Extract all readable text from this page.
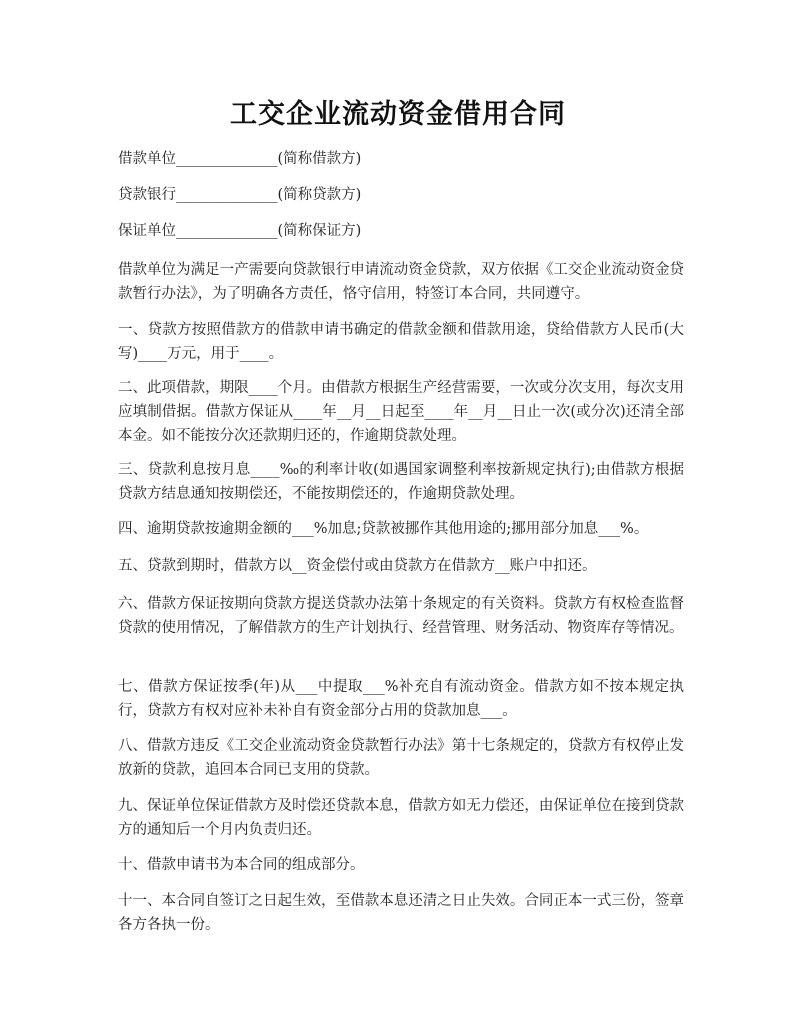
工交企业流动资金借用合同
借款单位______________(简称借款方)
贷款银行______________(简称贷款方)
保证单位______________(简称保证方)
借款单位为满足一产需要向贷款银行申请流动资金贷款，双方依据《工交企业流动资金贷款暂行办法》，为了明确各方责任，恪守信用，特签订本合同，共同遵守。
一、贷款方按照借款方的借款申请书确定的借款金额和借款用途，贷给借款方人民币(大写)____万元，用于____。
二、此项借款，期限____个月。由借款方根据生产经营需要，一次或分次支用，每次支用应填制借据。借款方保证从____年__月__日起至____年__月__日止一次(或分次)还清全部本金。如不能按分次还款期归还的，作逾期贷款处理。
三、贷款利息按月息____‰的利率计收(如遇国家调整利率按新规定执行);由借款方根据贷款方结息通知按期偿还，不能按期偿还的，作逾期贷款处理。
四、逾期贷款按逾期金额的___%加息;贷款被挪作其他用途的;挪用部分加息___%。
五、贷款到期时，借款方以__资金偿付或由贷款方在借款方__账户中扣还。
六、借款方保证按期向贷款方提送贷款办法第十条规定的有关资料。贷款方有权检查监督贷款的使用情况，了解借款方的生产计划执行、经营管理、财务活动、物资库存等情况。
七、借款方保证按季(年)从___中提取___%补充自有流动资金。借款方如不按本规定执行，贷款方有权对应补未补自有资金部分占用的贷款加息___。
八、借款方违反《工交企业流动资金贷款暂行办法》第十七条规定的，贷款方有权停止发放新的贷款，追回本合同已支用的贷款。
九、保证单位保证借款方及时偿还贷款本息，借款方如无力偿还，由保证单位在接到贷款方的通知后一个月内负责归还。
十、借款申请书为本合同的组成部分。
十一、本合同自签订之日起生效，至借款本息还清之日止失效。合同正本一式三份，签章各方各执一份。
